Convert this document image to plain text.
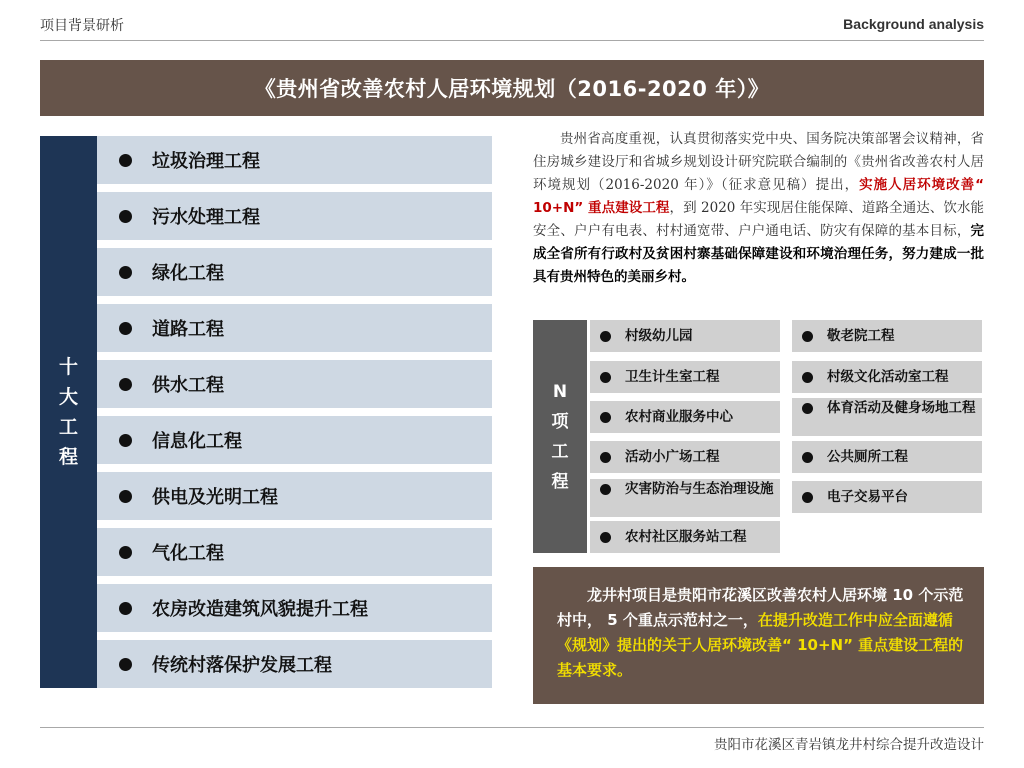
项目背景研析	Background analysis
《贵州省改善农村人居环境规划（2016-2020 年）》
十
大
工
程
垃圾治理工程
污水处理工程
绿化工程
道路工程
供水工程
信息化工程
供电及光明工程
气化工程
农房改造建筑风貌提升工程
传统村落保护发展工程

贵州省高度重视，认真贯彻落实党中央、国务院决策部署会议精神，省住房城乡建设厅和省城乡规划设计研究院联合编制的《贵州省改善农村人居环境规划（2016-2020 年）》（征求意见稿）提出，实施人居环境改善“ 10+N” 重点建设工程，到 2020 年实现居住能保障、道路全通达、饮水能安全、户户有电表、村村通宽带、户户通电话、防灾有保障的基本目标，完成全省所有行政村及贫困村寨基础保障建设和环境治理任务，努力建成一批具有贵州特色的美丽乡村。

N
项
工
程
村级幼儿园
卫生计生室工程
农村商业服务中心
活动小广场工程
灾害防治与生态治理设施
农村社区服务站工程
敬老院工程
村级文化活动室工程
体育活动及健身场地工程
公共厕所工程
电子交易平台
龙井村项目是贵阳市花溪区改善农村人居环境 10 个示范村中， 5 个重点示范村之一，在提升改造工作中应全面遵循《规划》提出的关于人居环境改善“ 10+N” 重点建设工程的基本要求。
贵阳市花溪区青岩镇龙井村综合提升改造设计
